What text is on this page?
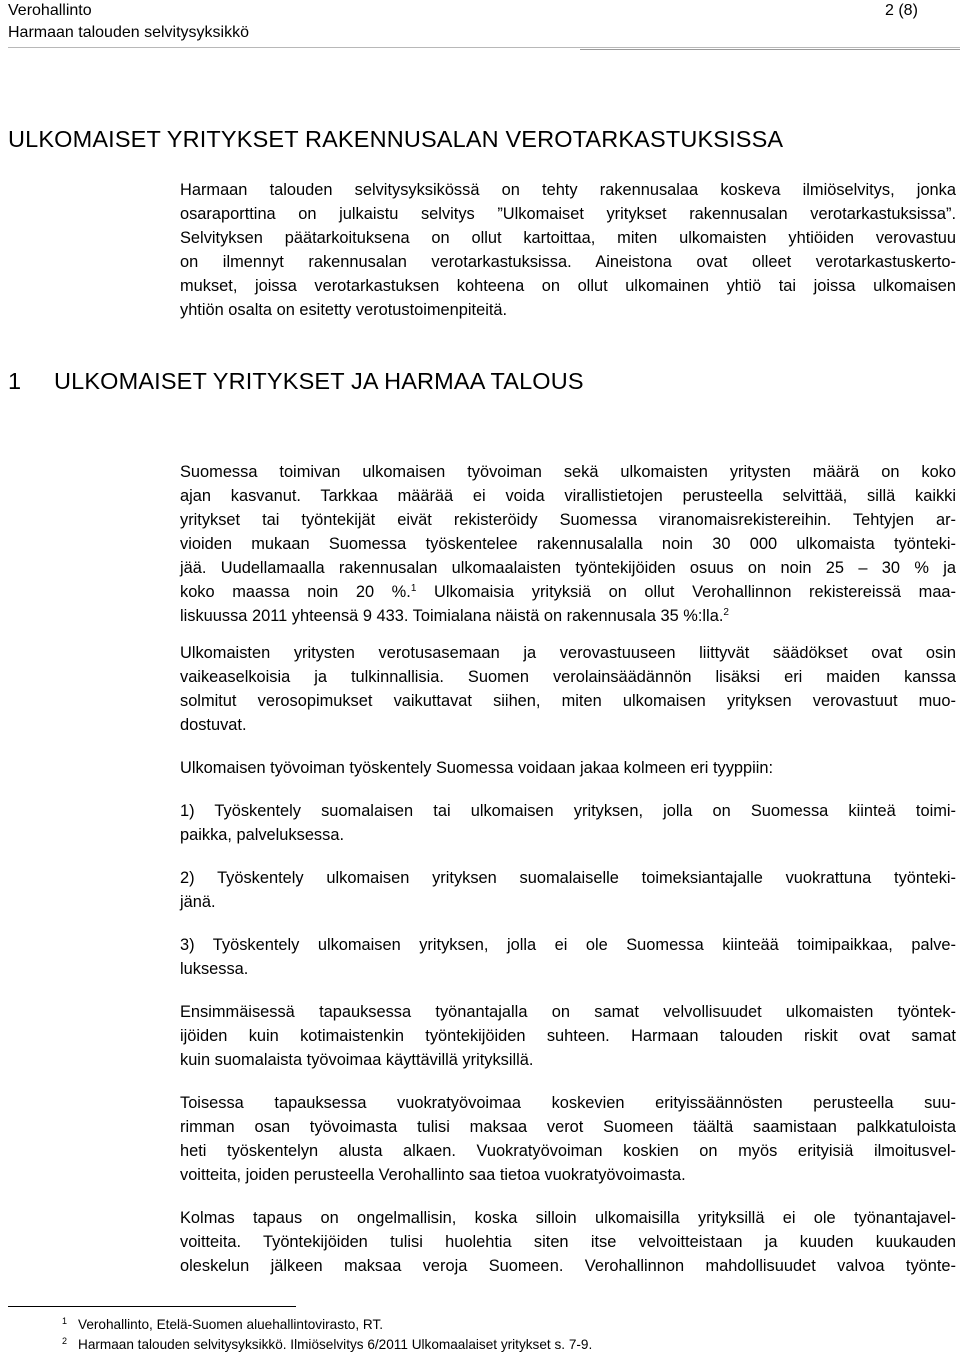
Verohallinto
Harmaan talouden selvitysyksikkö
2 (8)
ULKOMAISET YRITYKSET RAKENNUSALAN VEROTARKASTUKSISSA
Harmaan talouden selvitysyksikössä on tehty rakennusalaa koskeva ilmiöselvitys, jonka
osaraporttina on julkaistu selvitys ”Ulkomaiset yritykset rakennusalan verotarkastuksissa”.
Selvityksen päätarkoituksena on ollut kartoittaa, miten ulkomaisten yhtiöiden verovastuu
on ilmennyt rakennusalan verotarkastuksissa. Aineistona ovat olleet verotarkastuskerto-
mukset, joissa verotarkastuksen kohteena on ollut ulkomainen yhtiö tai joissa ulkomaisen
yhtiön osalta on esitetty verotustoimenpiteitä.
1 ULKOMAISET YRITYKSET JA HARMAA TALOUS
Suomessa toimivan ulkomaisen työvoiman sekä ulkomaisten yritysten määrä on koko
ajan kasvanut. Tarkkaa määrää ei voida virallistietojen perusteella selvittää, sillä kaikki
yritykset tai työntekijät eivät rekisteröidy Suomessa viranomaisrekistereihin. Tehtyjen ar-
vioiden mukaan Suomessa työskentelee rakennusalalla noin 30 000 ulkomaista työnteki-
jää. Uudellamaalla rakennusalan ulkomaalaisten työntekijöiden osuus on noin 25 – 30 % ja
koko maassa noin 20 %.$^1$ Ulkomaisia yrityksiä on ollut Verohallinnon rekistereissä maa-
liskuussa 2011 yhteensä 9 433. Toimialana näistä on rakennusala 35 %:lla.$^2$
Ulkomaisten yritysten verotusasemaan ja verovastuuseen liittyvät säädökset ovat osin
vaikeaselkoisia ja tulkinnallisia. Suomen verolainsäädännön lisäksi eri maiden kanssa
solmitut verosopimukset vaikuttavat siihen, miten ulkomaisen yrityksen verovastuut muo-
dostuvat.
Ulkomaisen työvoiman työskentely Suomessa voidaan jakaa kolmeen eri tyyppiin:
1) Työskentely suomalaisen tai ulkomaisen yrityksen, jolla on Suomessa kiinteä toimi-
paikka, palveluksessa.
2) Työskentely ulkomaisen yrityksen suomalaiselle toimeksiantajalle vuokrattuna työnteki-
jänä.
3) Työskentely ulkomaisen yrityksen, jolla ei ole Suomessa kiinteää toimipaikkaa, palve-
luksessa.
Ensimmäisessä tapauksessa työnantajalla on samat velvollisuudet ulkomaisten työntek-
ijöiden kuin kotimaistenkin työntekijöiden suhteen. Harmaan talouden riskit ovat samat
kuin suomalaista työvoimaa käyttävillä yrityksillä.
Toisessa tapauksessa vuokratyövoimaa koskevien erityissäännösten perusteella suu-
rimman osan työvoimasta tulisi maksaa verot Suomeen täältä saamistaan palkkatuloista
heti työskentelyn alusta alkaen. Vuokratyövoiman koskien on myös erityisiä ilmoitusvel-
voitteita, joiden perusteella Verohallinto saa tietoa vuokratyövoimasta.
Kolmas tapaus on ongelmallisin, koska silloin ulkomaisilla yrityksillä ei ole työnantajavel-
voitteita. Työntekijöiden tulisi huolehtia siten itse velvoitteistaan ja kuuden kuukauden
oleskelun jälkeen maksaa veroja Suomeen. Verohallinnon mahdollisuudet valvoa työnte-
$^1$ Verohallinto, Etelä-Suomen aluehallintovirasto, RT.
$^2$ Harmaan talouden selvitysyksikkö. Ilmiöselvitys 6/2011 Ulkomaalaiset yritykset s. 7-9.
